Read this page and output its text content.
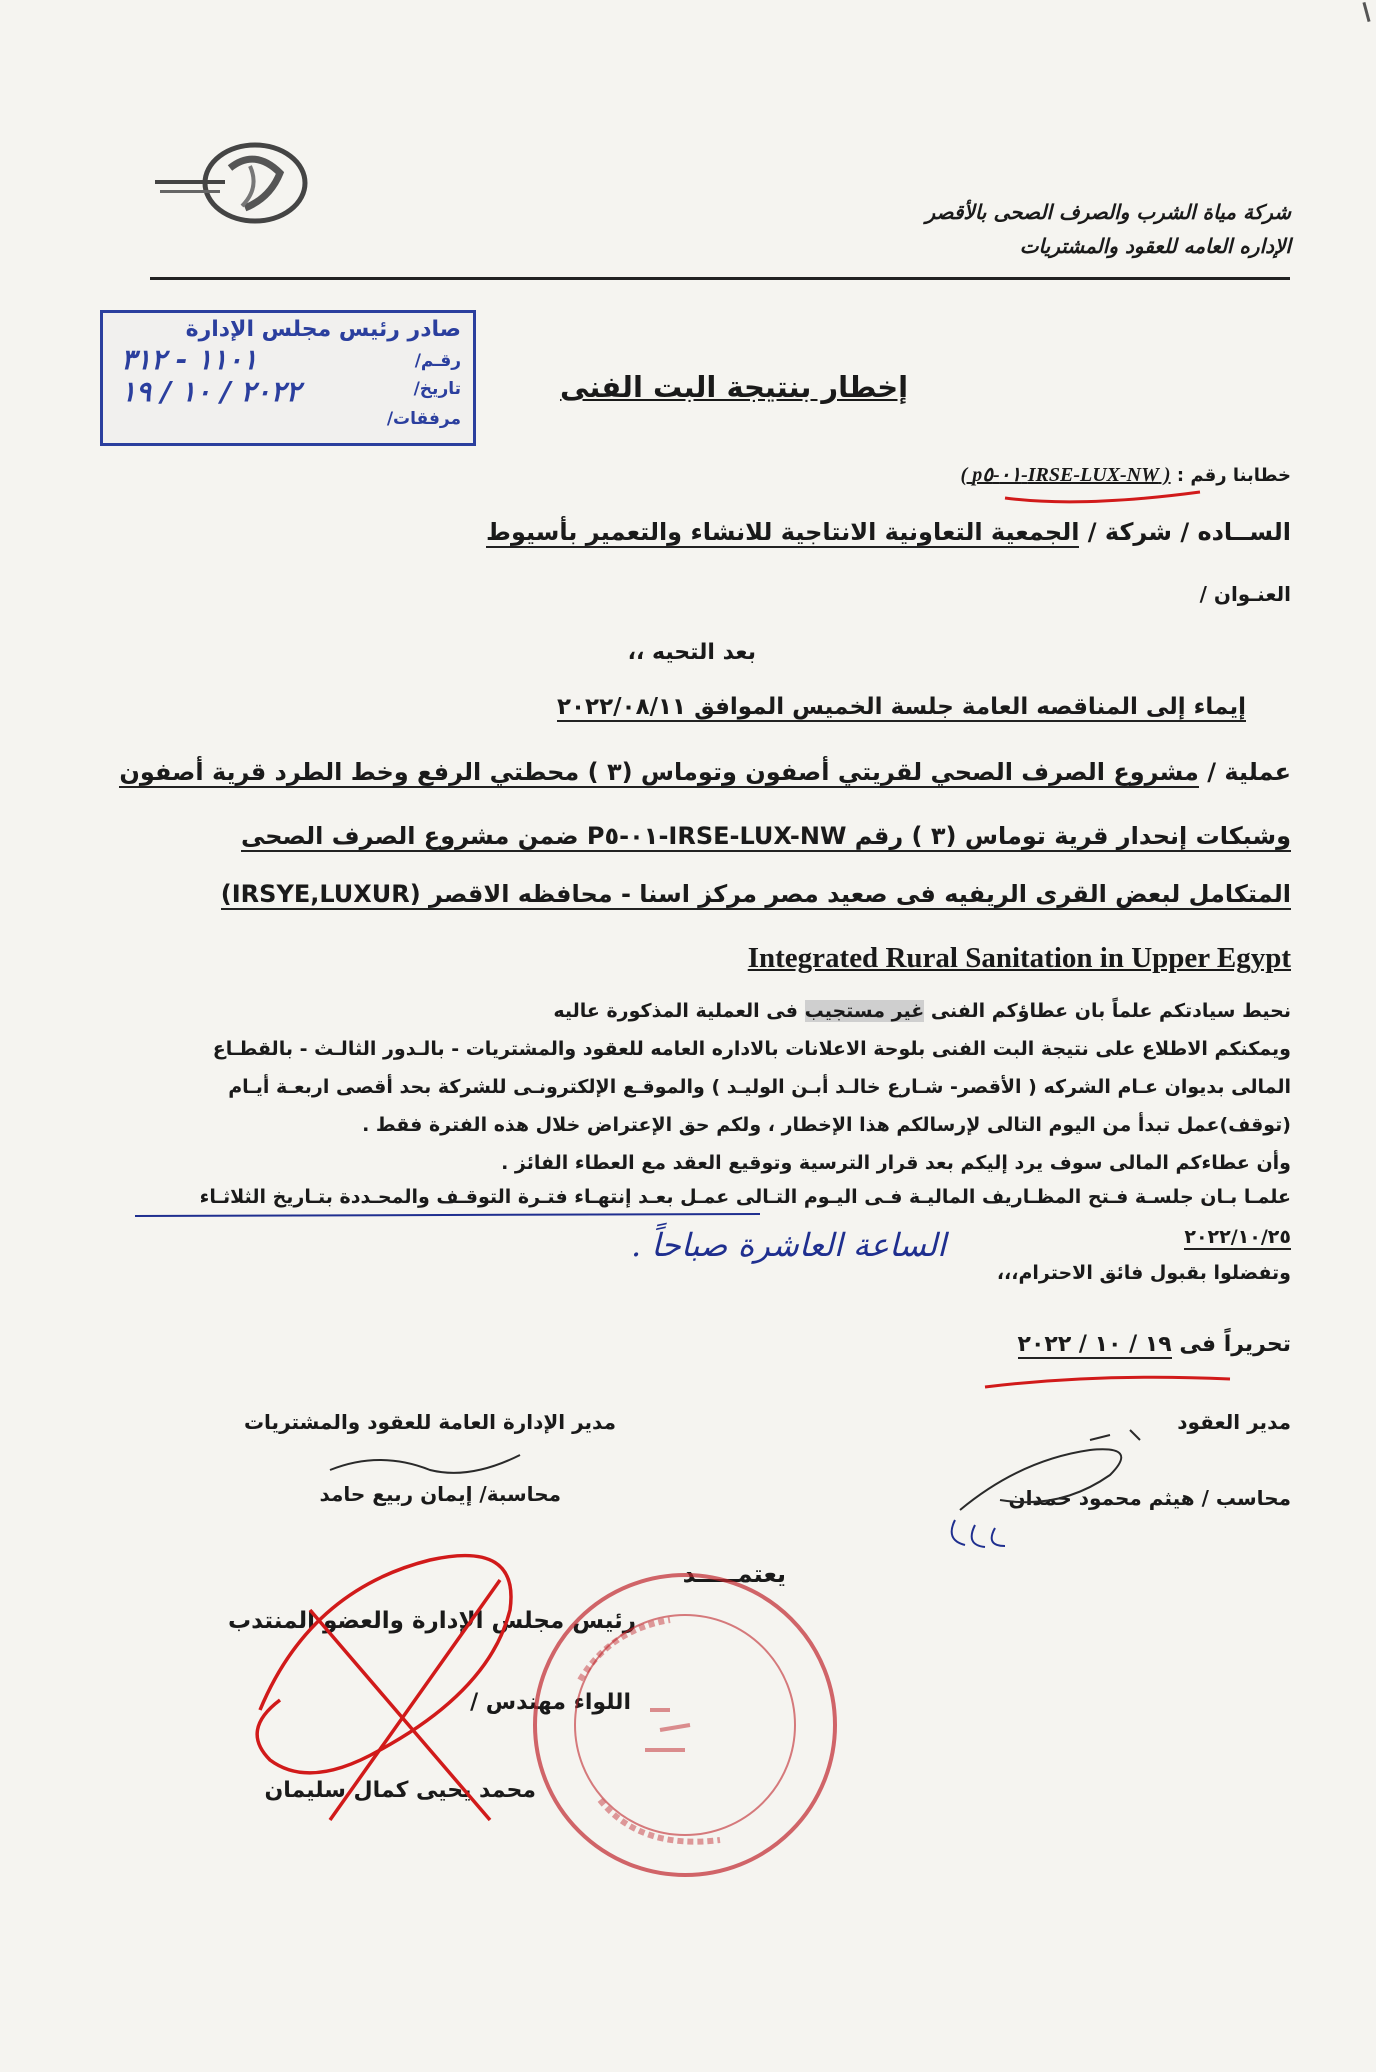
شركة مياة الشرب والصرف الصحى بالأقصر
الإداره العامه للعقود والمشتريات
صادر رئيس مجلس الإدارة
رقـم/
١١٠١ - ٣١٢
تاريخ/
٢٠٢٢ / ١٠ / ١٩
مرفقات/
إخطار بنتيجة البت الفنى
خطابنا رقم : ( IRSE-LUX-NW-٠١-p٥ )
الســاده / شركة / الجمعية التعاونية الانتاجية للانشاء والتعمير بأسيوط
العنـوان /
بعد التحيه ،،
إيماء إلى المناقصه العامة جلسة الخميس الموافق ٢٠٢٢/٠٨/١١
عملية / مشروع الصرف الصحي لقريتي أصفون وتوماس (٣ ) محطتي الرفع وخط الطرد قرية أصفون
وشبكات إنحدار قرية توماس (٣ ) رقم IRSE-LUX-NW-٠١-P٥ ضمن مشروع الصرف الصحى
المتكامل لبعض القرى الريفيه فى صعيد مصر مركز اسنا - محافظه الاقصر (IRSYE,LUXUR)
Integrated Rural Sanitation in Upper Egypt
نحيط سيادتكم علماً بان عطاؤكم الفنى غير مستجيب فى العملية المذكورة عاليه
ويمكنكم الاطلاع على نتيجة البت الفنى بلوحة الاعلانات بالاداره العامه للعقود والمشتريات - بالـدور الثالـث - بالقطـاع
المالى بديوان عـام الشركه ( الأقصر- شـارع خالـد أبـن الوليـد ) والموقـع الإلكترونـى للشركة بحد أقصى اربعـة أيـام
(توقف)عمل تبدأ من اليوم التالى لإرسالكم هذا الإخطار ، ولكم حق الإعتراض خلال هذه الفترة فقط .
وأن عطاءكم المالى سوف يرد إليكم بعد قرار الترسية وتوقيع العقد مع العطاء الفائز .
علمـا بـان جلسـة فـتح المظـاريف الماليـة فـى اليـوم التـالى عمـل بعـد إنتهـاء فتـرة التوقـف والمحـددة بتـاريخ الثلاثـاء
٢٠٢٢/١٠/٢٥
الساعة العاشرة صباحاً .
وتفضلوا بقبول فائق الاحترام،،،
تحريراً فى ١٩ / ١٠ / ٢٠٢٢
مدير العقود
محاسب / هيثم محمود حمدان
مدير الإدارة العامة للعقود والمشتريات
محاسبة/ إيمان ربيع حامد
يعتمـــــد
رئيس مجلس الإدارة والعضو المنتدب
اللواء مهندس /
محمد يحيى كمال سليمان
